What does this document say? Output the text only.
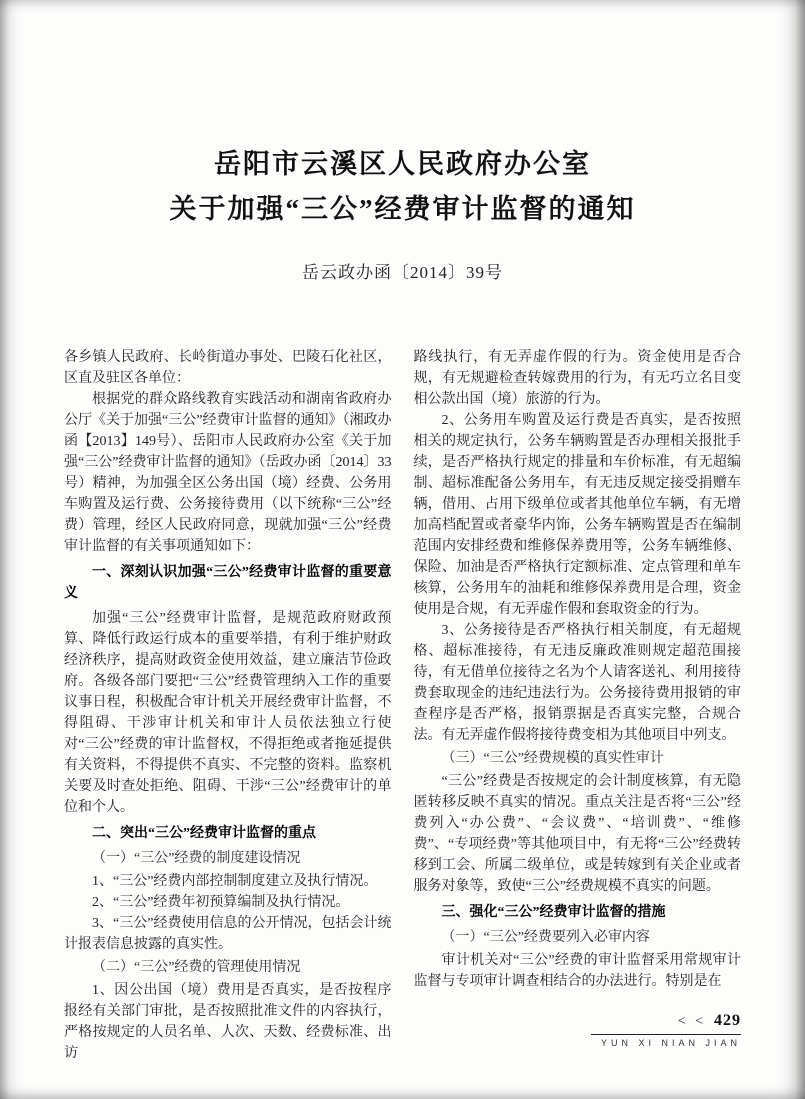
岳阳市云溪区人民政府办公室
关于加强“三公”经费审计监督的通知
岳云政办函〔2014〕39号

各乡镇人民政府、长岭街道办事处、巴陵石化社区，区直及驻区各单位：

根据党的群众路线教育实践活动和湖南省政府办公厅《关于加强“三公”经费审计监督的通知》（湘政办函【2013】149号）、岳阳市人民政府办公室《关于加强“三公”经费审计监督的通知》（岳政办函〔2014〕33号）精神，为加强全区公务出国（境）经费、公务用车购置及运行费、公务接待费用（以下统称“三公”经费）管理，经区人民政府同意，现就加强“三公”经费审计监督的有关事项通知如下：

一、深刻认识加强“三公”经费审计监督的重要意义

加强“三公”经费审计监督，是规范政府财政预算、降低行政运行成本的重要举措，有利于维护财政经济秩序，提高财政资金使用效益，建立廉洁节俭政府。各级各部门要把“三公”经费管理纳入工作的重要议事日程，积极配合审计机关开展经费审计监督，不得阻碍、干涉审计机关和审计人员依法独立行使对“三公”经费的审计监督权，不得拒绝或者拖延提供有关资料，不得提供不真实、不完整的资料。监察机关要及时查处拒绝、阻碍、干涉“三公”经费审计的单位和个人。

二、突出“三公”经费审计监督的重点

（一）“三公”经费的制度建设情况

1、“三公”经费内部控制制度建立及执行情况。

2、“三公”经费年初预算编制及执行情况。

3、“三公”经费使用信息的公开情况，包括会计统计报表信息披露的真实性。

（二）“三公”经费的管理使用情况

1、因公出国（境）费用是否真实，是否按程序报经有关部门审批，是否按照批准文件的内容执行，严格按规定的人员名单、人次、天数、经费标准、出访

路线执行，有无弄虚作假的行为。资金使用是否合规，有无规避检查转嫁费用的行为，有无巧立名目变相公款出国（境）旅游的行为。

2、公务用车购置及运行费是否真实，是否按照相关的规定执行，公务车辆购置是否办理相关报批手续，是否严格执行规定的排量和车价标准，有无超编制、超标准配备公务用车，有无违反规定接受捐赠车辆，借用、占用下级单位或者其他单位车辆，有无增加高档配置或者豪华内饰，公务车辆购置是否在编制范围内安排经费和维修保养费用等，公务车辆维修、保险、加油是否严格执行定额标准、定点管理和单车核算，公务用车的油耗和维修保养费用是合理，资金使用是合规，有无弄虚作假和套取资金的行为。

3、公务接待是否严格执行相关制度，有无超规格、超标准接待，有无违反廉政准则规定超范围接待，有无借单位接待之名为个人请客送礼、利用接待费套取现金的违纪违法行为。公务接待费用报销的审查程序是否严格，报销票据是否真实完整，合规合法。有无弄虚作假将接待费变相为其他项目中列支。

（三）“三公”经费规模的真实性审计

“三公”经费是否按规定的会计制度核算，有无隐匿转移反映不真实的情况。重点关注是否将“三公”经费列入“办公费”、“会议费”、“培训费”、“维修费”、“专项经费”等其他项目中，有无将“三公”经费转移到工会、所属二级单位，或是转嫁到有关企业或者服务对象等，致使“三公”经费规模不真实的问题。

三、强化“三公”经费审计监督的措施

（一）“三公”经费要列入必审内容

审计机关对“三公”经费的审计监督采用常规审计监督与专项审计调查相结合的办法进行。特别是在

< < 429
YUN XI NIAN JIAN
